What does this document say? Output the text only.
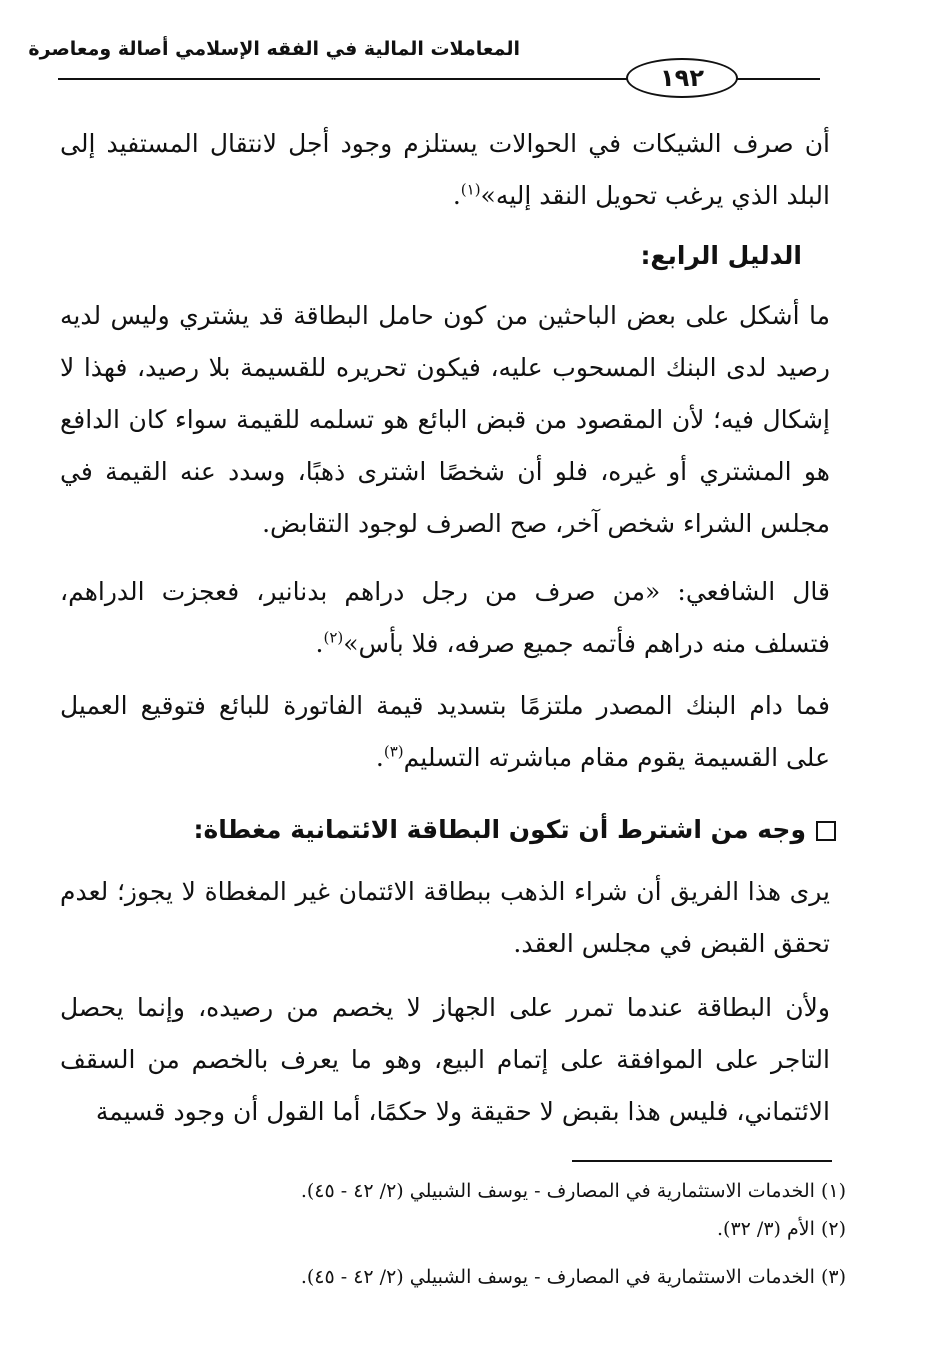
المعاملات المالية في الفقه الإسلامي أصالة ومعاصرة
١٩٢
أن صرف الشيكات في الحوالات يستلزم وجود أجل لانتقال المستفيد إلى البلد الذي يرغب تحويل النقد إليه»$^{(١)}$.
الدليل الرابع:
ما أشكل على بعض الباحثين من كون حامل البطاقة قد يشتري وليس لديه رصيد لدى البنك المسحوب عليه، فيكون تحريره للقسيمة بلا رصيد، فهذا لا إشكال فيه؛ لأن المقصود من قبض البائع هو تسلمه للقيمة سواء كان الدافع هو المشتري أو غيره، فلو أن شخصًا اشترى ذهبًا، وسدد عنه القيمة في مجلس الشراء شخص آخر، صح الصرف لوجود التقابض.
قال الشافعي: «من صرف من رجل دراهم بدنانير، فعجزت الدراهم، فتسلف منه دراهم فأتمه جميع صرفه، فلا بأس»$^{(٢)}$.
فما دام البنك المصدر ملتزمًا بتسديد قيمة الفاتورة للبائع فتوقيع العميل على القسيمة يقوم مقام مباشرته التسليم$^{(٣)}$.
وجه من اشترط أن تكون البطاقة الائتمانية مغطاة:
يرى هذا الفريق أن شراء الذهب ببطاقة الائتمان غير المغطاة لا يجوز؛ لعدم تحقق القبض في مجلس العقد.
ولأن البطاقة عندما تمرر على الجهاز لا يخصم من رصيده، وإنما يحصل التاجر على الموافقة على إتمام البيع، وهو ما يعرف بالخصم من السقف الائتماني، فليس هذا بقبض لا حقيقة ولا حكمًا، أما القول أن وجود قسيمة
(١) الخدمات الاستثمارية في المصارف - يوسف الشبيلي (٢/ ٤٢ - ٤٥).
(٢) الأم (٣/ ٣٢).
(٣) الخدمات الاستثمارية في المصارف - يوسف الشبيلي (٢/ ٤٢ - ٤٥).
